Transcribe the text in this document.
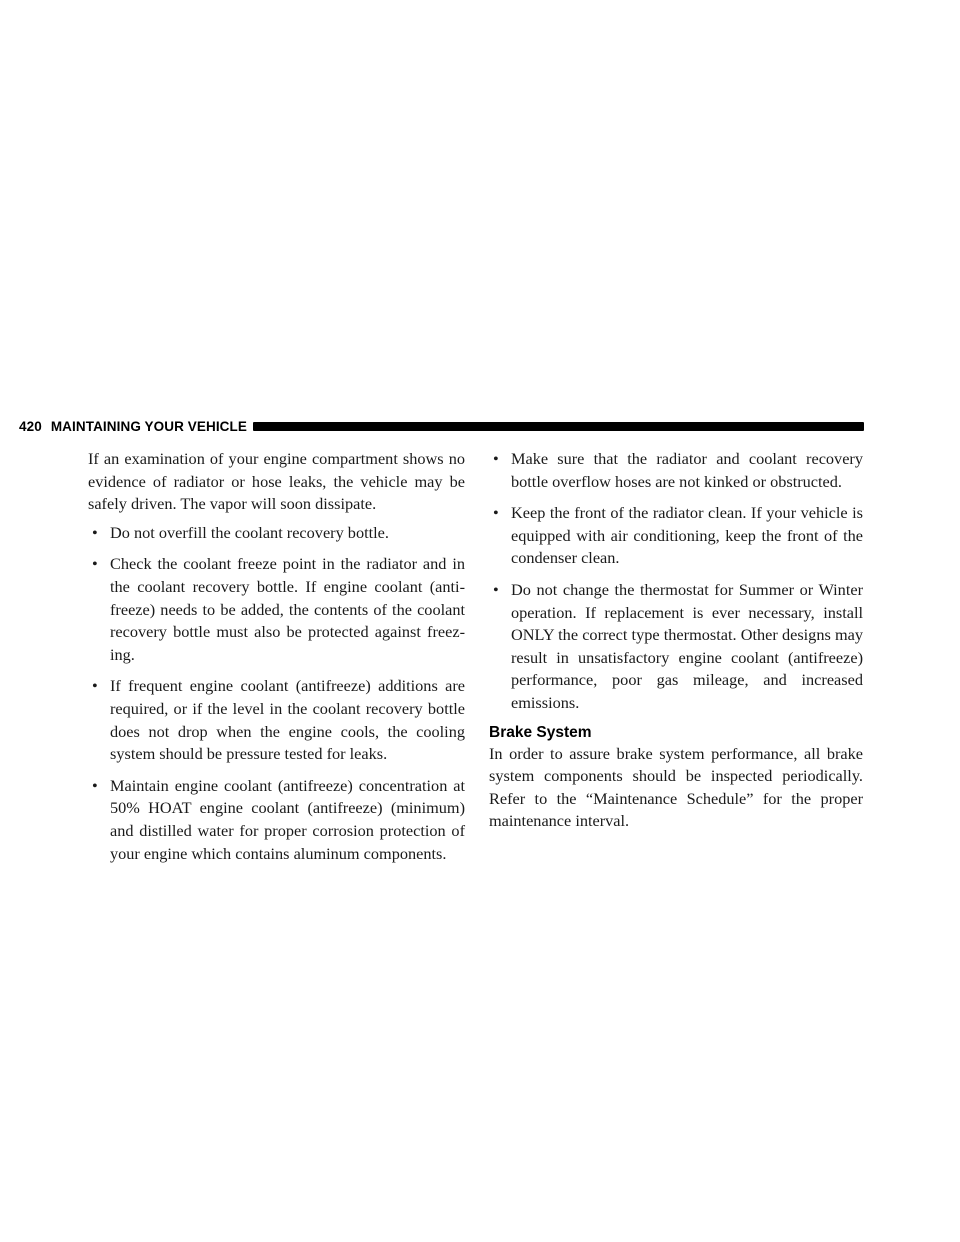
420 MAINTAINING YOUR VEHICLE

If an examination of your engine compartment shows no evidence of radiator or hose leaks, the vehicle may be safely driven. The vapor will soon dissipate.

• Do not overfill the coolant recovery bottle.
• Check the coolant freeze point in the radiator and in the coolant recovery bottle. If engine coolant (anti-freeze) needs to be added, the contents of the coolant recovery bottle must also be protected against freez-ing.
• If frequent engine coolant (antifreeze) additions are required, or if the level in the coolant recovery bottle does not drop when the engine cools, the cooling system should be pressure tested for leaks.
• Maintain engine coolant (antifreeze) concentration at 50% HOAT engine coolant (antifreeze) (minimum) and distilled water for proper corrosion protection of your engine which contains aluminum components.
• Make sure that the radiator and coolant recovery bottle overflow hoses are not kinked or obstructed.
• Keep the front of the radiator clean. If your vehicle is equipped with air conditioning, keep the front of the condenser clean.
• Do not change the thermostat for Summer or Winter operation. If replacement is ever necessary, install ONLY the correct type thermostat. Other designs may result in unsatisfactory engine coolant (antifreeze) performance, poor gas mileage, and increased emissions.
Brake System

In order to assure brake system performance, all brake system components should be inspected periodically. Refer to the “Maintenance Schedule” for the proper maintenance interval.
